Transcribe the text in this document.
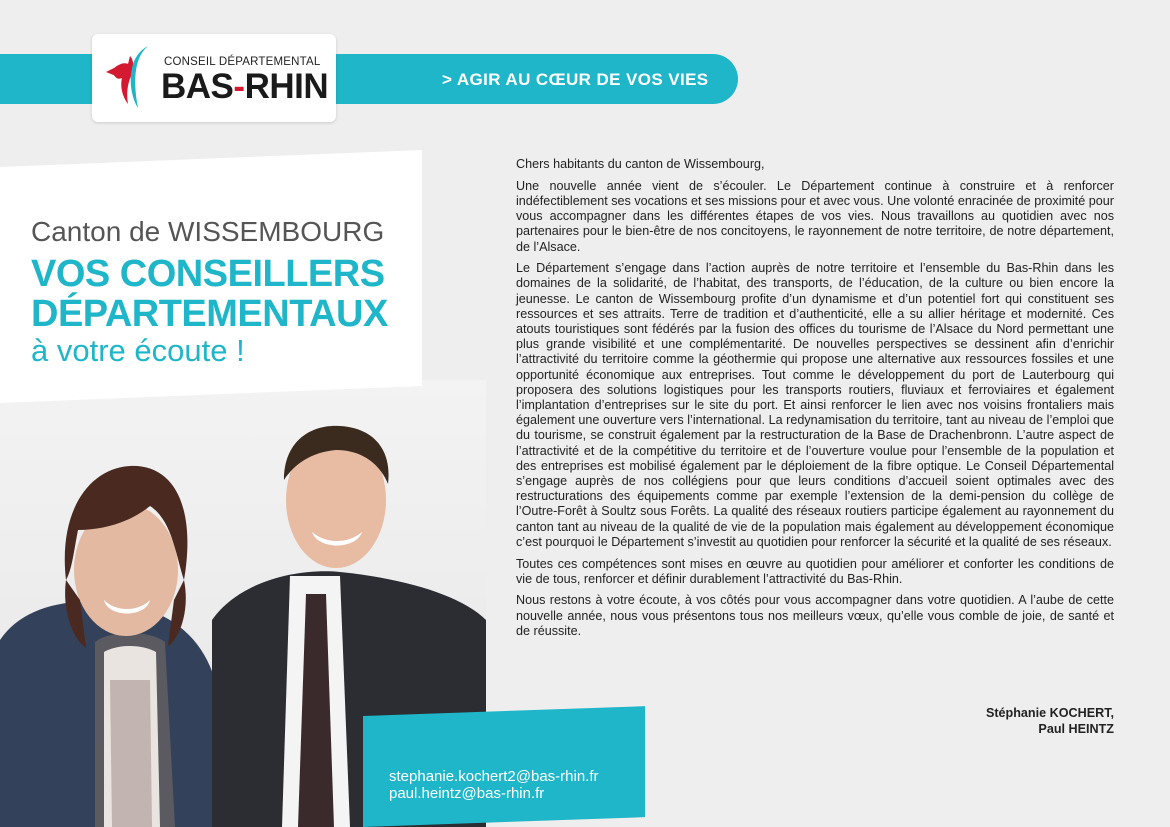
> AGIR AU CŒUR DE VOS VIES
CONSEIL DÉPARTEMENTAL
BAS-RHIN
Canton de WISSEMBOURG
VOS CONSEILLERS
DÉPARTEMENTAUX
à votre écoute !
stephanie.kochert2@bas-rhin.fr
paul.heintz@bas-rhin.fr

Chers habitants du canton de Wissembourg,

Une nouvelle année vient de s’écouler. Le Département continue à construire et à renforcer indéfectiblement ses vocations et ses missions pour et avec vous. Une volonté enracinée de proximité pour vous accompagner dans les différentes étapes de vos vies. Nous travaillons au quotidien avec nos partenaires pour le bien-être de nos concitoyens, le rayonnement de notre territoire, de notre département, de l’Alsace.

Le Département s’engage dans l’action auprès de notre territoire et l’ensemble du Bas-Rhin dans les domaines de la solidarité, de l’habitat, des transports, de l’éducation, de la culture ou bien encore la jeunesse. Le canton de Wissembourg profite d’un dynamisme et d’un potentiel fort qui constituent ses ressources et ses attraits. Terre de tradition et d’authenticité, elle a su allier héritage et modernité. Ces atouts touristiques sont fédérés par la fusion des offices du tourisme de l’Alsace du Nord permettant une plus grande visibilité et une complémentarité. De nouvelles perspectives se dessinent afin d’enrichir l’attractivité du territoire comme la géothermie qui propose une alternative aux ressources fossiles et une opportunité économique aux entreprises. Tout comme le développement du port de Lauterbourg qui proposera des solutions logistiques pour les transports routiers, fluviaux et ferroviaires et également l’implantation d’entreprises sur le site du port. Et ainsi renforcer le lien avec nos voisins frontaliers mais également une ouverture vers l’international. La redynamisation du territoire, tant au niveau de l’emploi que du tourisme, se construit également par la restructuration de la Base de Drachenbronn. L’autre aspect de l’attractivité et de la compétitive du territoire et de l’ouverture voulue pour l’ensemble de la population et des entreprises est mobilisé également par le déploiement de la fibre optique. Le Conseil Départemental s’engage auprès de nos collégiens pour que leurs conditions d’accueil soient optimales avec des restructurations des équipements comme par exemple l’extension de la demi-pension du collège de l’Outre-Forêt à Soultz sous Forêts. La qualité des réseaux routiers participe également au rayonnement du canton tant au niveau de la qualité de vie de la population mais également au développement économique c’est pourquoi le Département s’investit au quotidien pour renforcer la sécurité et la qualité de ses réseaux.

Toutes ces compétences sont mises en œuvre au quotidien pour améliorer et conforter les conditions de vie de tous, renforcer et définir durablement l’attractivité du Bas-Rhin.

Nous restons à votre écoute, à vos côtés pour vous accompagner dans votre quotidien. A l’aube de cette nouvelle année, nous vous présentons tous nos meilleurs vœux, qu’elle vous comble de joie, de santé et de réussite.

Stéphanie KOCHERT,
Paul HEINTZ
